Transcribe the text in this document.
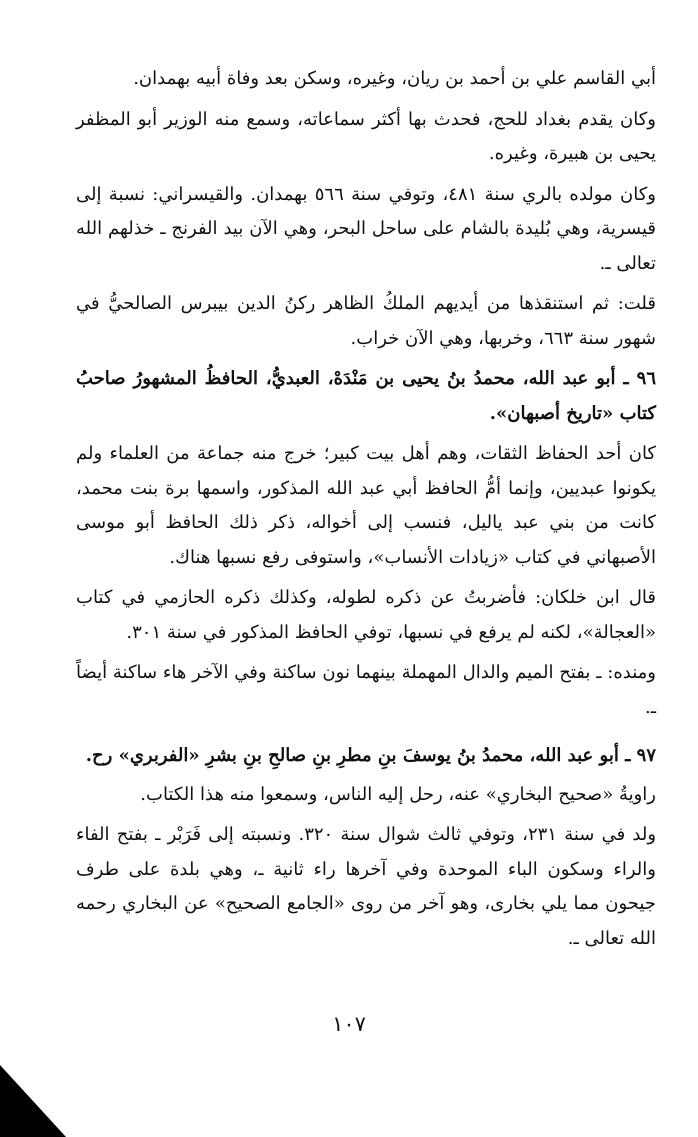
أبي القاسم علي بن أحمد بن ريان، وغيره، وسكن بعد وفاة أبيه بهمدان.

وكان يقدم بغداد للحج، فحدث بها أكثر سماعاته، وسمع منه الوزير أبو المظفر يحيى بن هبيرة، وغيره.

وكان مولده بالري سنة ٤٨١، وتوفي سنة ٥٦٦ بهمدان. والقيسراني: نسبة إلى قيسرية، وهي بُليدة بالشام على ساحل البحر، وهي الآن بيد الفرنج ـ خذلهم الله تعالى ـ.

قلت: ثم استنقذها من أيديهم الملكُ الظاهر ركنُ الدين بيبرس الصالحيُّ في شهور سنة ٦٦٣، وخربها، وهي الآن خراب.

٩٦ ـ أبو عبد الله، محمدُ بنُ يحيى بن مَنْدَهْ، العبديُّ، الحافظُ المشهورُ صاحبُ كتاب «تاريخ أصبهان».

كان أحد الحفاظ الثقات، وهم أهل بيت كبير؛ خرج منه جماعة من العلماء ولم يكونوا عبديين، وإنما أمُّ الحافظ أبي عبد الله المذكور، واسمها برة بنت محمد، كانت من بني عبد ياليل، فنسب إلى أخواله، ذكر ذلك الحافظ أبو موسى الأصبهاني في كتاب «زيادات الأنساب»، واستوفى رفع نسبها هناك.

قال ابن خلكان: فأضربتُ عن ذكره لطوله، وكذلك ذكره الحازمي في كتاب «العجالة»، لكنه لم يرفع في نسبها، توفي الحافظ المذكور في سنة ٣٠١.

ومنده: ـ بفتح الميم والدال المهملة بينهما نون ساكنة وفي الآخر هاء ساكنة أيضاً ـ.

٩٧ ـ أبو عبد الله، محمدُ بنُ يوسفَ بنِ مطرِ بنِ صالحِ بنِ بشرِ «الفربري» رح.

راويةُ «صحيح البخاري» عنه، رحل إليه الناس، وسمعوا منه هذا الكتاب.

ولد في سنة ٢٣١، وتوفي ثالث شوال سنة ٣٢٠. ونسبته إلى فَرَبْر ـ بفتح الفاء والراء وسكون الباء الموحدة وفي آخرها راء ثانية ـ، وهي بلدة على طرف جيحون مما يلي بخارى، وهو آخر من روى «الجامع الصحيح» عن البخاري رحمه الله تعالى ـ.

١٠٧
